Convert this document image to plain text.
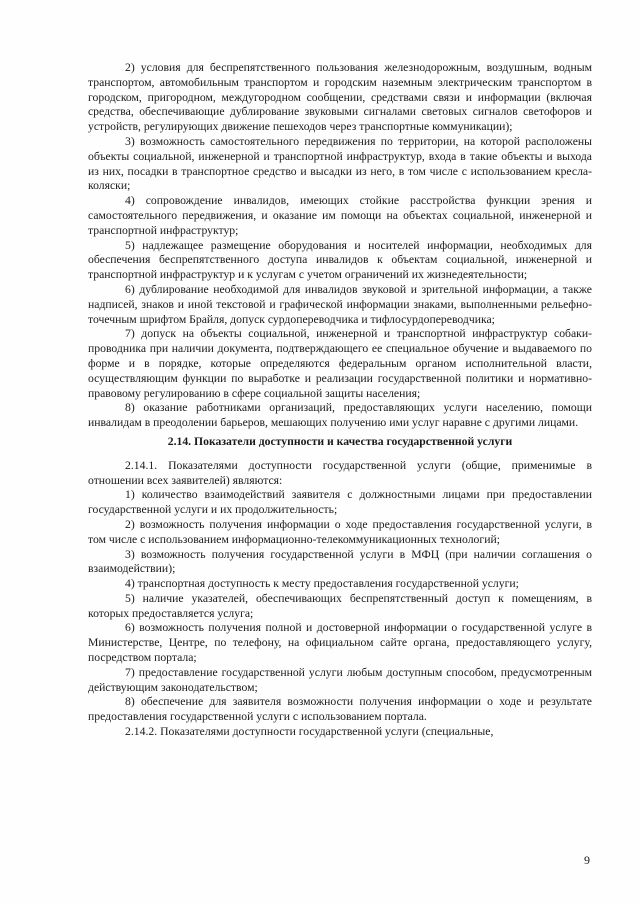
2) условия для беспрепятственного пользования железнодорожным, воздушным, водным транспортом, автомобильным транспортом и городским наземным электрическим транспортом в городском, пригородном, междугородном сообщении, средствами связи и информации (включая средства, обеспечивающие дублирование звуковыми сигналами световых сигналов светофоров и устройств, регулирующих движение пешеходов через транспортные коммуникации);

3) возможность самостоятельного передвижения по территории, на которой расположены объекты социальной, инженерной и транспортной инфраструктур, входа в такие объекты и выхода из них, посадки в транспортное средство и высадки из него, в том числе с использованием кресла-коляски;

4) сопровождение инвалидов, имеющих стойкие расстройства функции зрения и самостоятельного передвижения, и оказание им помощи на объектах социальной, инженерной и транспортной инфраструктур;

5) надлежащее размещение оборудования и носителей информации, необходимых для обеспечения беспрепятственного доступа инвалидов к объектам социальной, инженерной и транспортной инфраструктур и к услугам с учетом ограничений их жизнедеятельности;

6) дублирование необходимой для инвалидов звуковой и зрительной информации, а также надписей, знаков и иной текстовой и графической информации знаками, выполненными рельефно-точечным шрифтом Брайля, допуск сурдопереводчика и тифлосурдопереводчика;

7) допуск на объекты социальной, инженерной и транспортной инфраструктур собаки-проводника при наличии документа, подтверждающего ее специальное обучение и выдаваемого по форме и в порядке, которые определяются федеральным органом исполнительной власти, осуществляющим функции по выработке и реализации государственной политики и нормативно-правовому регулированию в сфере социальной защиты населения;

8) оказание работниками организаций, предоставляющих услуги населению, помощи инвалидам в преодолении барьеров, мешающих получению ими услуг наравне с другими лицами.

2.14. Показатели доступности и качества государственной услуги

2.14.1. Показателями доступности государственной услуги (общие, применимые в отношении всех заявителей) являются:

1) количество взаимодействий заявителя с должностными лицами при предоставлении государственной услуги и их продолжительность;

2) возможность получения информации о ходе предоставления государственной услуги, в том числе с использованием информационно-телекоммуникационных технологий;

3) возможность получения государственной услуги в МФЦ (при наличии соглашения о взаимодействии);

4) транспортная доступность к месту предоставления государственной услуги;

5) наличие указателей, обеспечивающих беспрепятственный доступ к помещениям, в которых предоставляется услуга;

6) возможность получения полной и достоверной информации о государственной услуге в Министерстве, Центре, по телефону, на официальном сайте органа, предоставляющего услугу, посредством портала;

7) предоставление государственной услуги любым доступным способом, предусмотренным действующим законодательством;

8) обеспечение для заявителя возможности получения информации о ходе и результате предоставления государственной услуги с использованием портала.

2.14.2. Показателями доступности государственной услуги (специальные,

9
